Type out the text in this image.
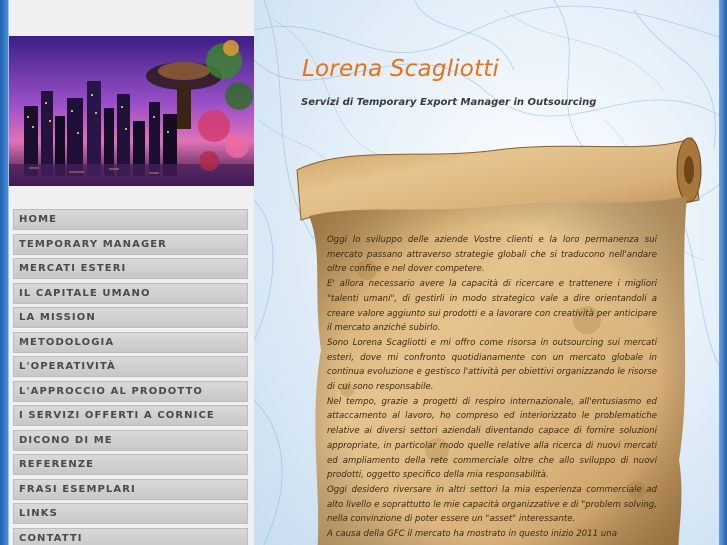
HOME
TEMPORARY MANAGER
MERCATI ESTERI
IL CAPITALE UMANO
LA MISSION
METODOLOGIA
L'OPERATIVITÀ
L'APPROCCIO AL PRODOTTO
I SERVIZI OFFERTI A CORNICE
DICONO DI ME
REFERENZE
FRASI ESEMPLARI
LINKS
CONTATTI
Lorena Scagliotti
Servizi di Temporary Export Manager in Outsourcing

Oggi lo sviluppo delle aziende Vostre clienti e la loro permanenza sui mercato passano attraverso strategie globali che si traducono nell'andare oltre confine e nel dover competere.

E' allora necessario avere la capacità di ricercare e trattenere i migliori "talenti umani", di gestirli in modo strategico vale a dire orientandoli a creare valore aggiunto sui prodotti e a lavorare con creatività per anticipare il mercato anziché subirlo.

Sono Lorena Scagliotti e mi offro come risorsa in outsourcing sui mercati esteri, dove mi confronto quotidianamente con un mercato globale in continua evoluzione e gestisco l'attività per obiettivi organizzando le risorse di cui sono responsabile.

Nel tempo, grazie a progetti di respiro internazionale, all'entusiasmo ed attaccamento al lavoro, ho compreso ed interiorizzato le problematiche relative ai diversi settori aziendali diventando capace di fornire soluzioni appropriate, in particolar modo quelle relative alla ricerca di nuovi mercati ed ampliamento della rete commerciale oltre che allo sviluppo di nuovi prodotti, oggetto specifico della mia responsabilità.

Oggi desidero riversare in altri settori la mia esperienza commerciale ad alto livello e soprattutto le mie capacità organizzative e di "problem solving, nella convinzione di poter essere un "asset" interessante.

A causa della GFC il mercato ha mostrato in questo inizio 2011 una
